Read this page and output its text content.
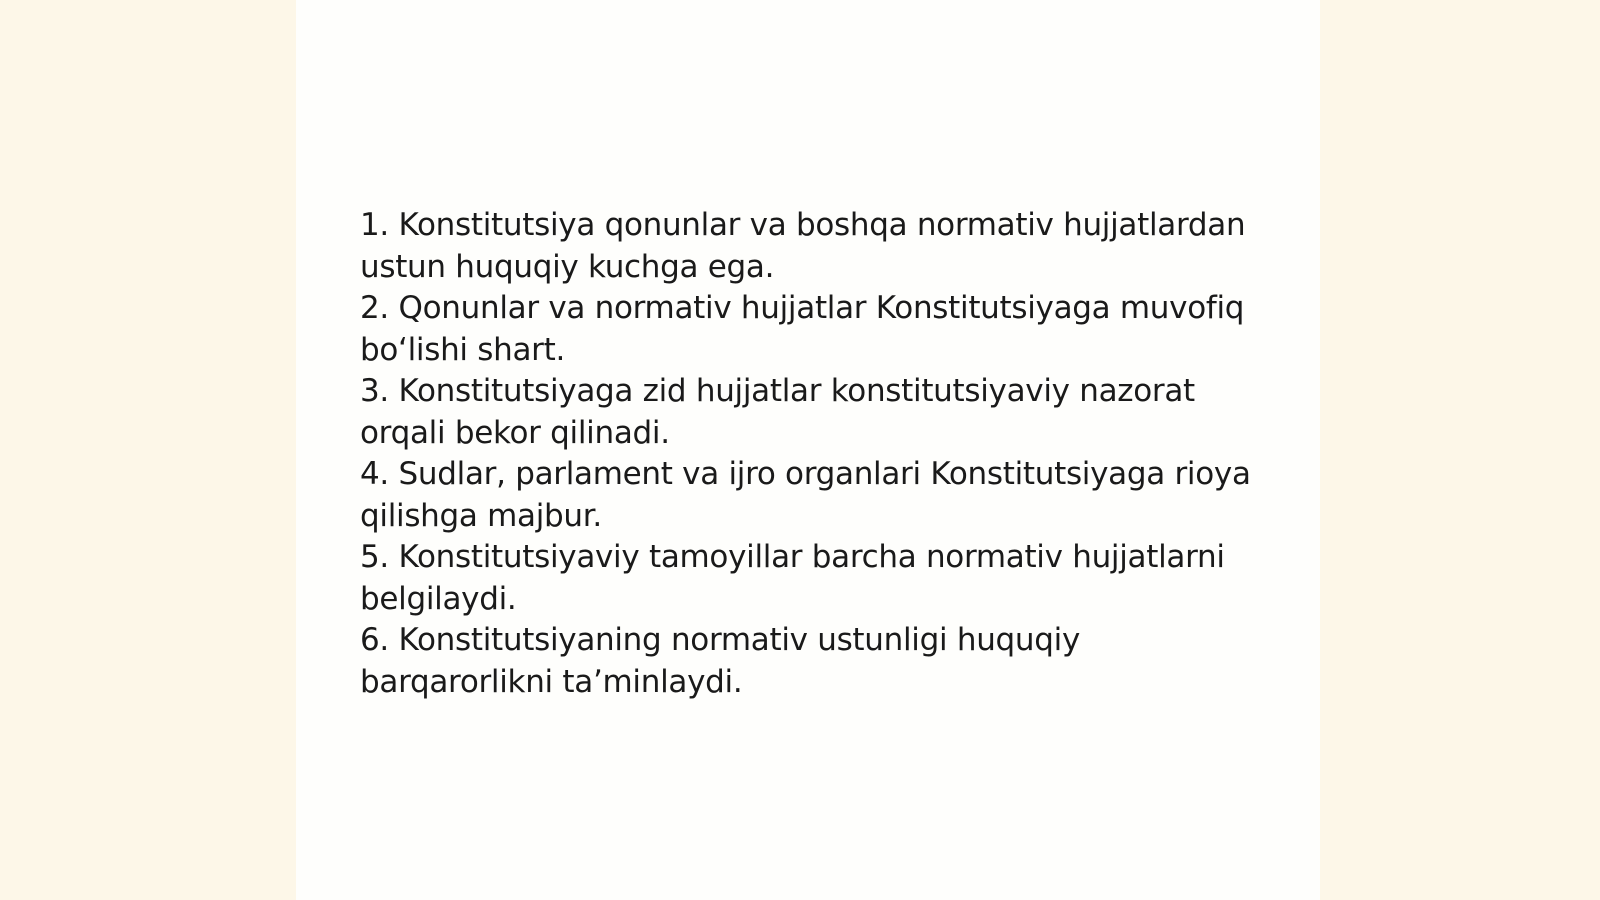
1. Konstitutsiya qonunlar va boshqa normativ hujjatlardan ustun huquqiy kuchga ega.

2. Qonunlar va normativ hujjatlar Konstitutsiyaga muvofiq bo‘lishi shart.

3. Konstitutsiyaga zid hujjatlar konstitutsiyaviy nazorat orqali bekor qilinadi.

4. Sudlar, parlament va ijro organlari Konstitutsiyaga rioya qilishga majbur.

5. Konstitutsiyaviy tamoyillar barcha normativ hujjatlarni belgilaydi.

6. Konstitutsiyaning normativ ustunligi huquqiy barqarorlikni ta’minlaydi.
